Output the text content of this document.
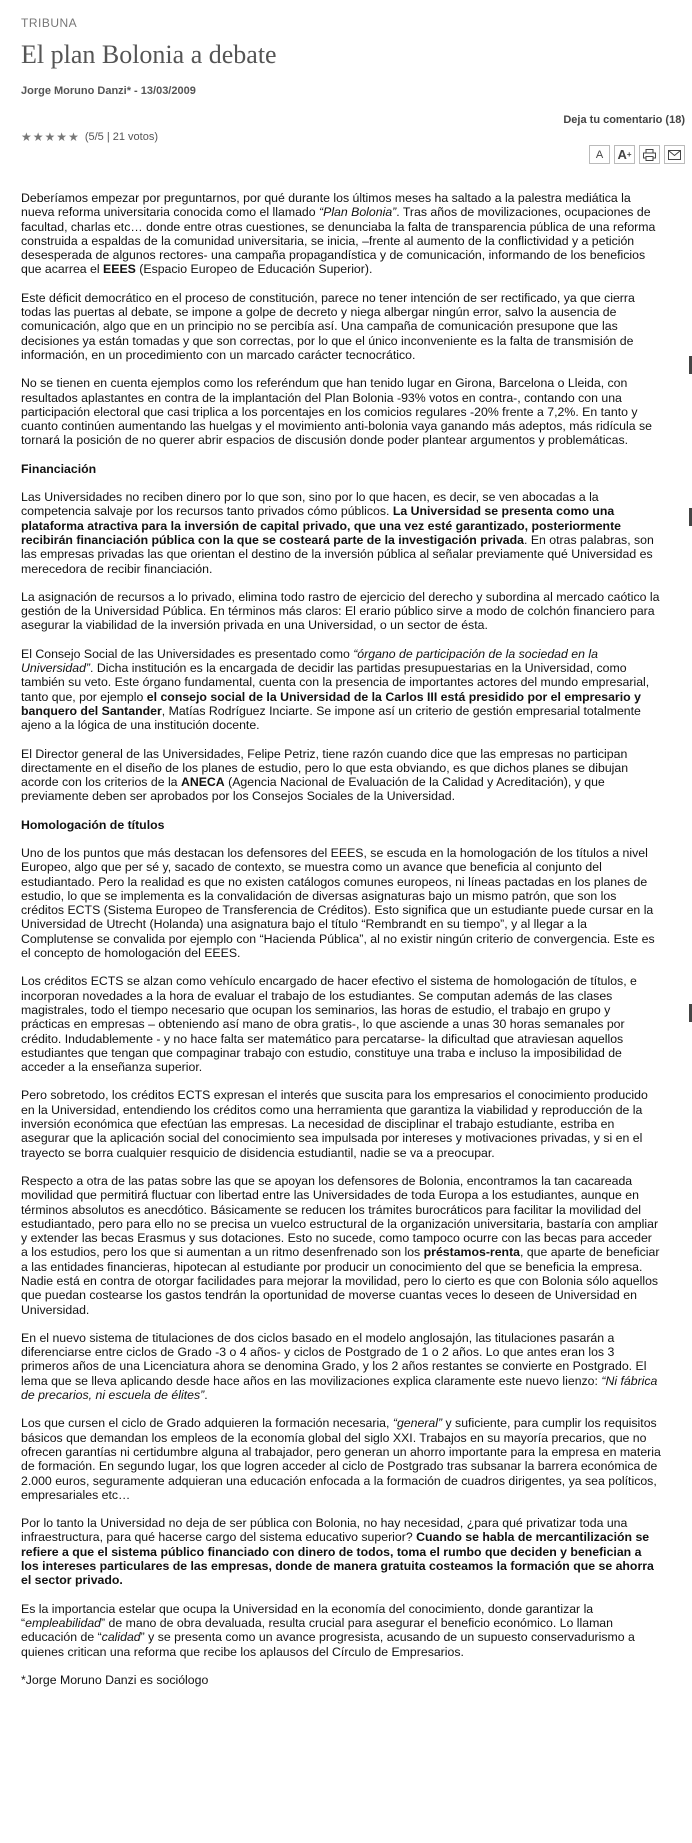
TRIBUNA
El plan Bolonia a debate
Jorge Moruno Danzi* - 13/03/2009
Deja tu comentario (18)
★ ★ ★ ★ ★ (5/5 | 21 votos)
A A +

Deberíamos empezar por preguntarnos, por qué durante los últimos meses ha saltado a la palestra mediática la nueva reforma universitaria conocida como el llamado “Plan Bolonia”. Tras años de movilizaciones, ocupaciones de facultad, charlas etc… donde entre otras cuestiones, se denunciaba la falta de transparencia pública de una reforma construida a espaldas de la comunidad universitaria, se inicia, –frente al aumento de la conflictividad y a petición desesperada de algunos rectores- una campaña propagandística y de comunicación, informando de los beneficios que acarrea el EEES (Espacio Europeo de Educación Superior).

Este déficit democrático en el proceso de constitución, parece no tener intención de ser rectificado, ya que cierra todas las puertas al debate, se impone a golpe de decreto y niega albergar ningún error, salvo la ausencia de comunicación, algo que en un principio no se percibía así. Una campaña de comunicación presupone que las decisiones ya están tomadas y que son correctas, por lo que el único inconveniente es la falta de transmisión de información, en un procedimiento con un marcado carácter tecnocrático.

No se tienen en cuenta ejemplos como los referéndum que han tenido lugar en Girona, Barcelona o Lleida, con resultados aplastantes en contra de la implantación del Plan Bolonia -93% votos en contra-, contando con una participación electoral que casi triplica a los porcentajes en los comicios regulares -20% frente a 7,2%. En tanto y cuanto continúen aumentando las huelgas y el movimiento anti-bolonia vaya ganando más adeptos, más ridícula se tornará la posición de no querer abrir espacios de discusión donde poder plantear argumentos y problemáticas.

Financiación

Las Universidades no reciben dinero por lo que son, sino por lo que hacen, es decir, se ven abocadas a la competencia salvaje por los recursos tanto privados cómo públicos. La Universidad se presenta como una plataforma atractiva para la inversión de capital privado, que una vez esté garantizado, posteriormente recibirán financiación pública con la que se costeará parte de la investigación privada. En otras palabras, son las empresas privadas las que orientan el destino de la inversión pública al señalar previamente qué Universidad es merecedora de recibir financiación.

La asignación de recursos a lo privado, elimina todo rastro de ejercicio del derecho y subordina al mercado caótico la gestión de la Universidad Pública. En términos más claros: El erario público sirve a modo de colchón financiero para asegurar la viabilidad de la inversión privada en una Universidad, o un sector de ésta.

El Consejo Social de las Universidades es presentado como “órgano de participación de la sociedad en la Universidad”. Dicha institución es la encargada de decidir las partidas presupuestarias en la Universidad, como también su veto. Este órgano fundamental, cuenta con la presencia de importantes actores del mundo empresarial, tanto que, por ejemplo el consejo social de la Universidad de la Carlos III está presidido por el empresario y banquero del Santander, Matías Rodríguez Inciarte. Se impone así un criterio de gestión empresarial totalmente ajeno a la lógica de una institución docente.

El Director general de las Universidades, Felipe Petriz, tiene razón cuando dice que las empresas no participan directamente en el diseño de los planes de estudio, pero lo que esta obviando, es que dichos planes se dibujan acorde con los criterios de la ANECA (Agencia Nacional de Evaluación de la Calidad y Acreditación), y que previamente deben ser aprobados por los Consejos Sociales de la Universidad.

Homologación de títulos

Uno de los puntos que más destacan los defensores del EEES, se escuda en la homologación de los títulos a nivel Europeo, algo que per sé y, sacado de contexto, se muestra como un avance que beneficia al conjunto del estudiantado. Pero la realidad es que no existen catálogos comunes europeos, ni líneas pactadas en los planes de estudio, lo que se implementa es la convalidación de diversas asignaturas bajo un mismo patrón, que son los créditos ECTS (Sistema Europeo de Transferencia de Créditos). Esto significa que un estudiante puede cursar en la Universidad de Utrecht (Holanda) una asignatura bajo el título “Rembrandt en su tiempo”, y al llegar a la Complutense se convalida por ejemplo con “Hacienda Pública”, al no existir ningún criterio de convergencia. Este es el concepto de homologación del EEES.

Los créditos ECTS se alzan como vehículo encargado de hacer efectivo el sistema de homologación de títulos, e incorporan novedades a la hora de evaluar el trabajo de los estudiantes. Se computan además de las clases magistrales, todo el tiempo necesario que ocupan los seminarios, las horas de estudio, el trabajo en grupo y prácticas en empresas – obteniendo así mano de obra gratis-, lo que asciende a unas 30 horas semanales por crédito. Indudablemente - y no hace falta ser matemático para percatarse- la dificultad que atraviesan aquellos estudiantes que tengan que compaginar trabajo con estudio, constituye una traba e incluso la imposibilidad de acceder a la enseñanza superior.

Pero sobretodo, los créditos ECTS expresan el interés que suscita para los empresarios el conocimiento producido en la Universidad, entendiendo los créditos como una herramienta que garantiza la viabilidad y reproducción de la inversión económica que efectúan las empresas. La necesidad de disciplinar el trabajo estudiante, estriba en asegurar que la aplicación social del conocimiento sea impulsada por intereses y motivaciones privadas, y si en el trayecto se borra cualquier resquicio de disidencia estudiantil, nadie se va a preocupar.

Respecto a otra de las patas sobre las que se apoyan los defensores de Bolonia, encontramos la tan cacareada movilidad que permitirá fluctuar con libertad entre las Universidades de toda Europa a los estudiantes, aunque en términos absolutos es anecdótico. Básicamente se reducen los trámites burocráticos para facilitar la movilidad del estudiantado, pero para ello no se precisa un vuelco estructural de la organización universitaria, bastaría con ampliar y extender las becas Erasmus y sus dotaciones. Esto no sucede, como tampoco ocurre con las becas para acceder a los estudios, pero los que si aumentan a un ritmo desenfrenado son los préstamos-renta, que aparte de beneficiar a las entidades financieras, hipotecan al estudiante por producir un conocimiento del que se beneficia la empresa. Nadie está en contra de otorgar facilidades para mejorar la movilidad, pero lo cierto es que con Bolonia sólo aquellos que puedan costearse los gastos tendrán la oportunidad de moverse cuantas veces lo deseen de Universidad en Universidad.

En el nuevo sistema de titulaciones de dos ciclos basado en el modelo anglosajón, las titulaciones pasarán a diferenciarse entre ciclos de Grado -3 o 4 años- y ciclos de Postgrado de 1 o 2 años. Lo que antes eran los 3 primeros años de una Licenciatura ahora se denomina Grado, y los 2 años restantes se convierte en Postgrado. El lema que se lleva aplicando desde hace años en las movilizaciones explica claramente este nuevo lienzo: “Ni fábrica de precarios, ni escuela de élites”.

Los que cursen el ciclo de Grado adquieren la formación necesaria, “general” y suficiente, para cumplir los requisitos básicos que demandan los empleos de la economía global del siglo XXI. Trabajos en su mayoría precarios, que no ofrecen garantías ni certidumbre alguna al trabajador, pero generan un ahorro importante para la empresa en materia de formación. En segundo lugar, los que logren acceder al ciclo de Postgrado tras subsanar la barrera económica de 2.000 euros, seguramente adquieran una educación enfocada a la formación de cuadros dirigentes, ya sea políticos, empresariales etc…

Por lo tanto la Universidad no deja de ser pública con Bolonia, no hay necesidad, ¿para qué privatizar toda una infraestructura, para qué hacerse cargo del sistema educativo superior? Cuando se habla de mercantilización se refiere a que el sistema público financiado con dinero de todos, toma el rumbo que deciden y benefician a los intereses particulares de las empresas, donde de manera gratuita costeamos la formación que se ahorra el sector privado.

Es la importancia estelar que ocupa la Universidad en la economía del conocimiento, donde garantizar la “empleabilidad” de mano de obra devaluada, resulta crucial para asegurar el beneficio económico. Lo llaman educación de “calidad” y se presenta como un avance progresista, acusando de un supuesto conservadurismo a quienes critican una reforma que recibe los aplausos del Círculo de Empresarios.

*Jorge Moruno Danzi es sociólogo
